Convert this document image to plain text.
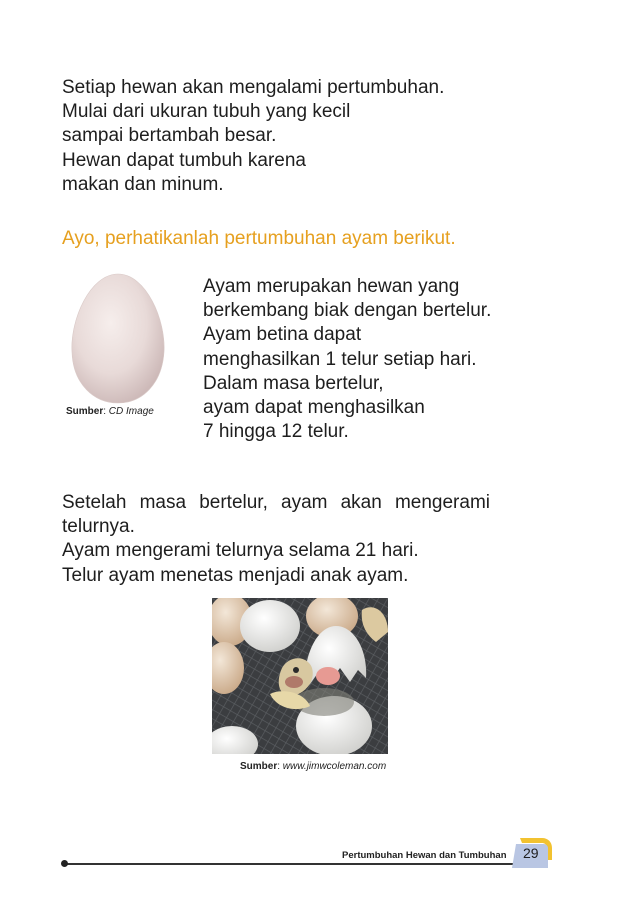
Setiap hewan akan mengalami pertumbuhan.
Mulai dari ukuran tubuh yang kecil
sampai bertambah besar.
Hewan dapat tumbuh karena
makan dan minum.
Ayo, perhatikanlah pertumbuhan ayam berikut.
Sumber: CD Image
Ayam merupakan hewan yang
berkembang biak dengan bertelur.
Ayam betina dapat
menghasilkan 1 telur setiap hari.
Dalam masa bertelur,
ayam dapat menghasilkan
7 hingga 12 telur.
Setelah masa bertelur, ayam akan mengerami
telurnya.
Ayam mengerami telurnya selama 21 hari.
Telur ayam menetas menjadi anak ayam.
Sumber: www.jimwcoleman.com
Pertumbuhan Hewan dan Tumbuhan 29
